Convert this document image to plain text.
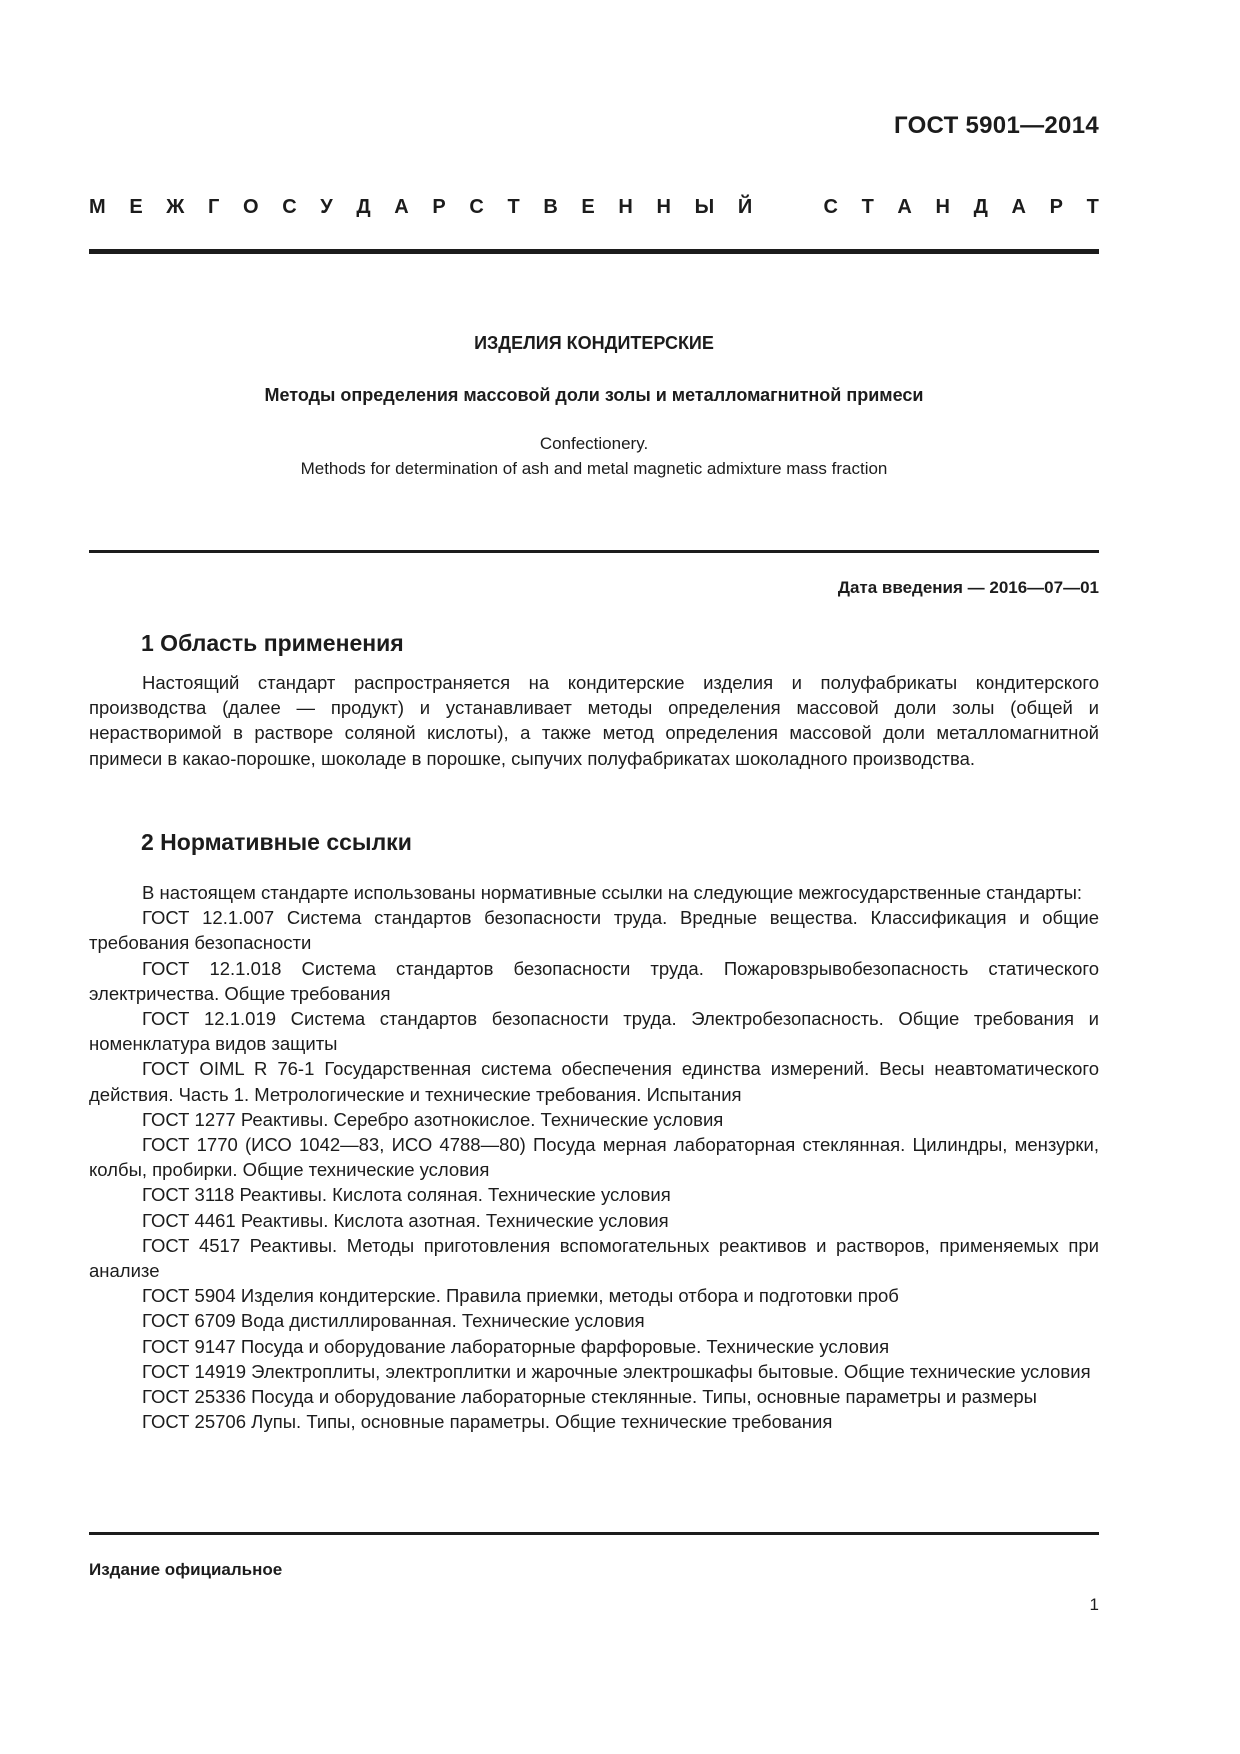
ГОСТ 5901—2014
М Е Ж Г О С У Д А Р С Т В Е Н Н Ы Й	С Т А Н Д А Р Т
ИЗДЕЛИЯ КОНДИТЕРСКИЕ
Методы определения массовой доли золы и металломагнитной примеси
Confectionery.
Methods for determination of ash and metal magnetic admixture mass fraction
Дата введения — 2016—07—01
1 Область применения

Настоящий стандарт распространяется на кондитерские изделия и полуфабрикаты кондитерского производства (далее — продукт) и устанавливает методы определения массовой доли золы (общей и нерастворимой в растворе соляной кислоты), а также метод определения массовой доли металломагнитной примеси в какао-порошке, шоколаде в порошке, сыпучих полуфабрикатах шоколадного производства.

2 Нормативные ссылки
В настоящем стандарте использованы нормативные ссылки на следующие межгосударственные стандарты:
ГОСТ 12.1.007 Система стандартов безопасности труда. Вредные вещества. Классификация и общие требования безопасности
ГОСТ 12.1.018 Система стандартов безопасности труда. Пожаровзрывобезопасность статического электричества. Общие требования
ГОСТ 12.1.019 Система стандартов безопасности труда. Электробезопасность. Общие требования и номенклатура видов защиты
ГОСТ OIML R 76-1 Государственная система обеспечения единства измерений. Весы неавтоматического действия. Часть 1. Метрологические и технические требования. Испытания
ГОСТ 1277 Реактивы. Серебро азотнокислое. Технические условия
ГОСТ 1770 (ИСО 1042—83, ИСО 4788—80) Посуда мерная лабораторная стеклянная. Цилиндры, мензурки, колбы, пробирки. Общие технические условия
ГОСТ 3118 Реактивы. Кислота соляная. Технические условия
ГОСТ 4461 Реактивы. Кислота азотная. Технические условия
ГОСТ 4517 Реактивы. Методы приготовления вспомогательных реактивов и растворов, применяемых при анализе
ГОСТ 5904 Изделия кондитерские. Правила приемки, методы отбора и подготовки проб
ГОСТ 6709 Вода дистиллированная. Технические условия
ГОСТ 9147 Посуда и оборудование лабораторные фарфоровые. Технические условия
ГОСТ 14919 Электроплиты, электроплитки и жарочные электрошкафы бытовые. Общие технические условия
ГОСТ 25336 Посуда и оборудование лабораторные стеклянные. Типы, основные параметры и размеры
ГОСТ 25706 Лупы. Типы, основные параметры. Общие технические требования
Издание официальное
1
